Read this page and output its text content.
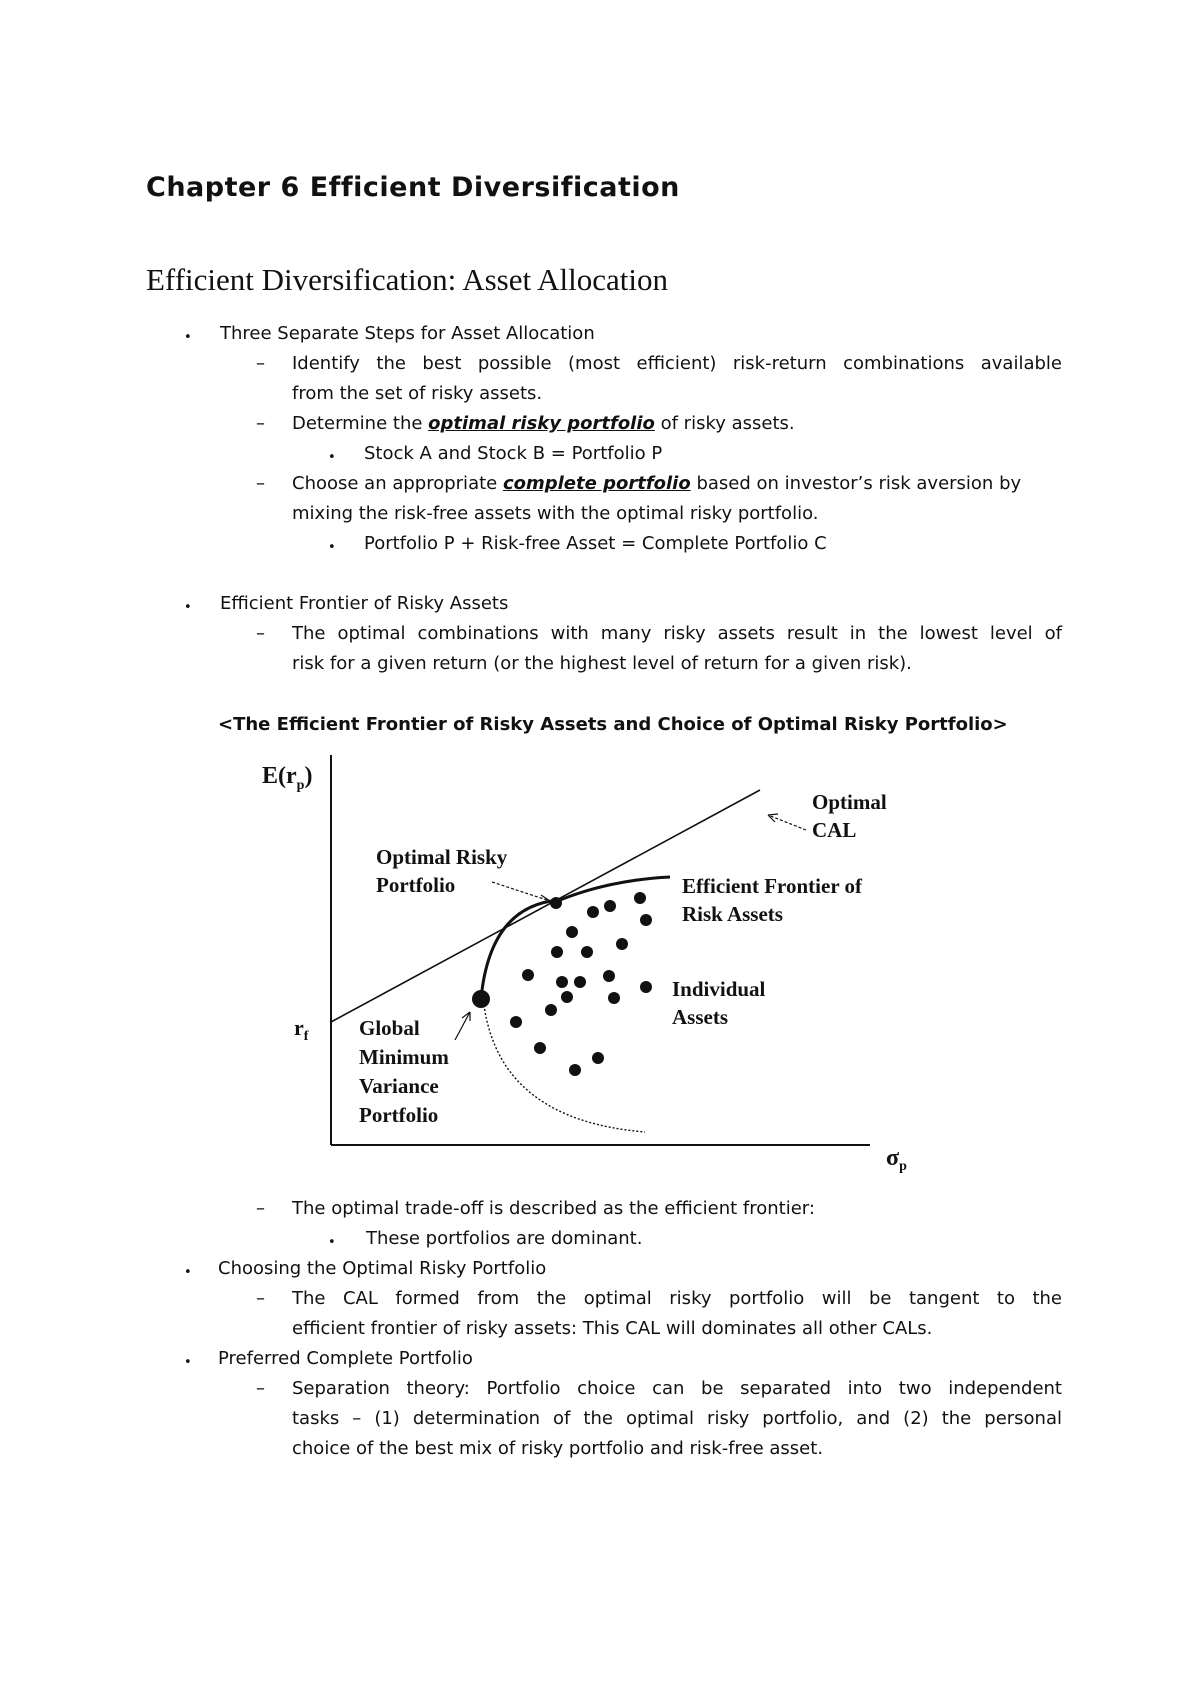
Chapter 6 Efficient Diversification
Efficient Diversification: Asset Allocation
• Three Separate Steps for Asset Allocation
– Identify the best possible (most efficient) risk-return combinations available
from the set of risky assets.
– Determine the optimal risky portfolio of risky assets.
• Stock A and Stock B = Portfolio P
– Choose an appropriate complete portfolio based on investor’s risk aversion by
mixing the risk-free assets with the optimal risky portfolio.
• Portfolio P + Risk-free Asset = Complete Portfolio C
• Efficient Frontier of Risky Assets
– The optimal combinations with many risky assets result in the lowest level of
risk for a given return (or the highest level of return for a given risk).
<The Efficient Frontier of Risky Assets and Choice of Optimal Risky Portfolio>
$E(r_p)$
$r_f$
$\sigma_p$
Optimal
CAL
Optimal Risky
Portfolio	Efficient Frontier of
Risk Assets
Individual
Assets
Global
Minimum
Variance
Portfolio
– The optimal trade-off is described as the efficient frontier:
• These portfolios are dominant.
• Choosing the Optimal Risky Portfolio
– The CAL formed from the optimal risky portfolio will be tangent to the
efficient frontier of risky assets: This CAL will dominates all other CALs.
• Preferred Complete Portfolio
– Separation theory: Portfolio choice can be separated into two independent
tasks – (1) determination of the optimal risky portfolio, and (2) the personal
choice of the best mix of risky portfolio and risk-free asset.
